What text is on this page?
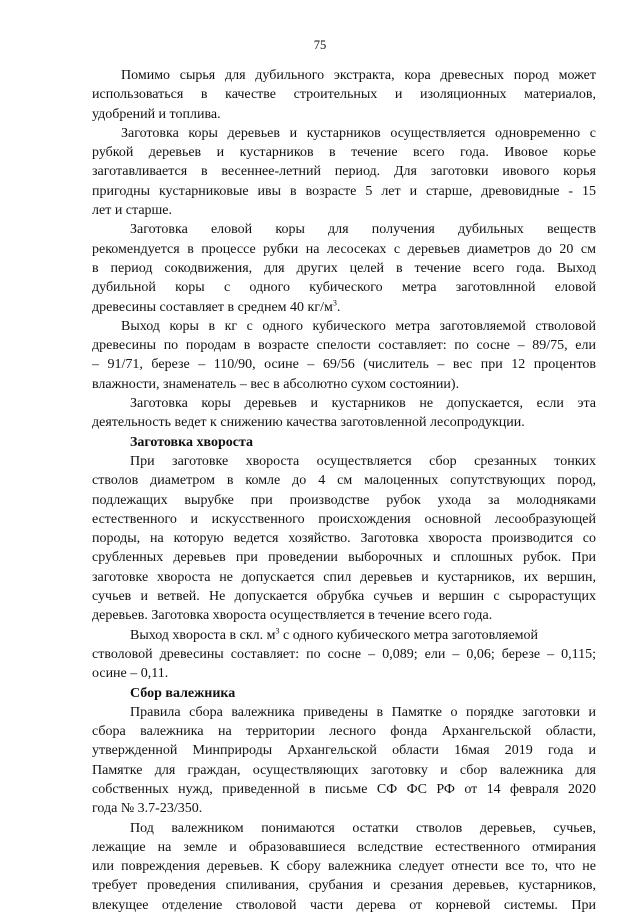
75
Помимо сырья для дубильного экстракта, кора древесных пород может
использоваться в качестве строительных и изоляционных материалов,
удобрений и топлива.
Заготовка коры деревьев и кустарников осуществляется одновременно с
рубкой деревьев и кустарников в течение всего года. Ивовое корье
заготавливается в весеннее-летний период. Для заготовки ивового корья
пригодны кустарниковые ивы в возрасте 5 лет и старше, древовидные - 15
лет и старше.
Заготовка еловой коры для получения дубильных веществ
рекомендуется в процессе рубки на лесосеках с деревьев диаметров до 20 см
в период сокодвижения, для других целей в течение всего года. Выход
дубильной коры с одного кубического метра заготовлнной еловой
древесины составляет в среднем 40 $кг/м^3$.
Выход коры в кг с одного кубического метра заготовляемой стволовой
древесины по породам в возрасте спелости составляет: по сосне – 89/75, ели
– 91/71, березе – 110/90, осине – 69/56 (числитель – вес при 12 процентов
влажности, знаменатель – вес в абсолютно сухом состоянии).
Заготовка коры деревьев и кустарников не допускается, если эта
деятельность ведет к снижению качества заготовленной лесопродукции.
Заготовка хвороста
При заготовке хвороста осуществляется сбор срезанных тонких
стволов диаметром в комле до 4 см малоценных сопутствующих пород,
подлежащих вырубке при производстве рубок ухода за молодняками
естественного и искусственного происхождения основной лесообразующей
породы, на которую ведется хозяйство. Заготовка хвороста производится со
срубленных деревьев при проведении выборочных и сплошных рубок. При
заготовке хвороста не допускается спил деревьев и кустарников, их вершин,
сучьев и ветвей. Не допускается обрубка сучьев и вершин с сырорастущих
деревьев. Заготовка хвороста осуществляется в течение всего года.
Выход хвороста в скл. $м^3$ с одного кубического метра заготовляемой
стволовой древесины составляет: по сосне – 0,089; ели – 0,06; березе – 0,115;
осине – 0,11.
Сбор валежника
Правила сбора валежника приведены в Памятке о порядке заготовки и
сбора валежника на территории лесного фонда Архангельской области,
утвержденной Минприроды Архангельской области 16мая 2019 года и
Памятке для граждан, осуществляющих заготовку и сбор валежника для
собственных нужд, приведенной в письме СФ ФС РФ от 14 февраля 2020
года № 3.7-23/350.
Под валежником понимаются остатки стволов деревьев, сучьев,
лежащие на земле и образовавшиеся вследствие естественного отмирания
или повреждения деревьев. К сбору валежника следует отнести все то, что не
требует проведения спиливания, срубания и срезания деревьев, кустарников,
влекущее отделение стволовой части дерева от корневой системы. При
